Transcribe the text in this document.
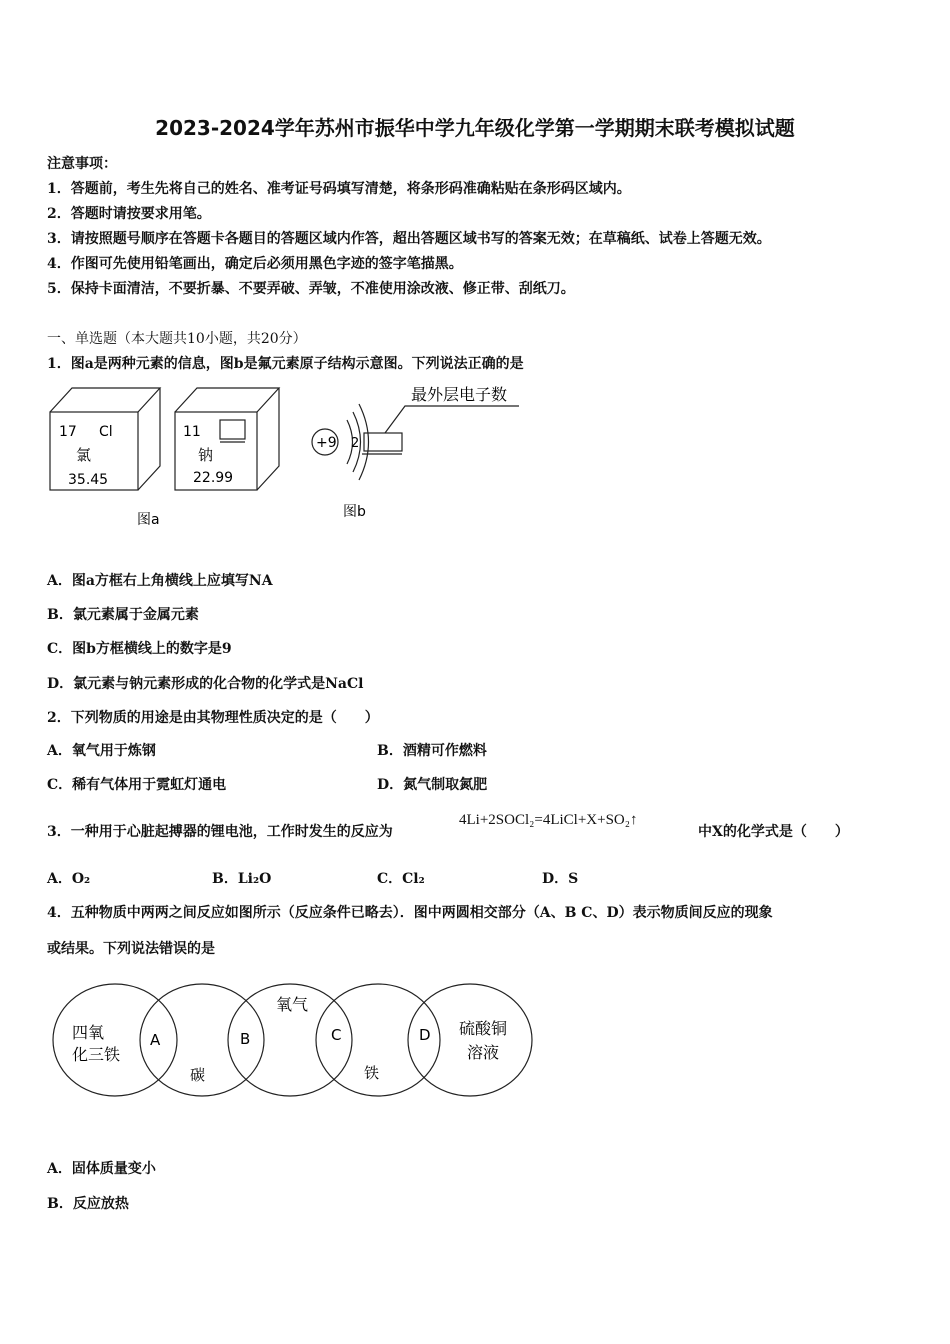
2023-2024学年苏州市振华中学九年级化学第一学期期末联考模拟试题
注意事项：
1．答题前，考生先将自己的姓名、准考证号码填写清楚，将条形码准确粘贴在条形码区域内。
2．答题时请按要求用笔。
3．请按照题号顺序在答题卡各题目的答题区域内作答，超出答题区域书写的答案无效；在草稿纸、试卷上答题无效。
4．作图可先使用铅笔画出，确定后必须用黑色字迹的签字笔描黑。
5．保持卡面清洁，不要折暴、不要弄破、弄皱，不准使用涂改液、修正带、刮纸刀。
一、单选题（本大题共10小题，共20分）
1．图a是两种元素的信息，图b是氟元素原子结构示意图。下列说法正确的是
17 Cl
氯
35.45
11
钠
22.99
图a
+9 2
最外层电子数
图b
A．图a方框右上角横线上应填写NA
B．氯元素属于金属元素
C．图b方框横线上的数字是9
D．氯元素与钠元素形成的化合物的化学式是NaCl
2．下列物质的用途是由其物理性质决定的是（　　）
A．氧气用于炼钢	B．酒精可作燃料
C．稀有气体用于霓虹灯通电	D．氮气制取氮肥
3．一种用于心脏起搏器的锂电池，工作时发生的反应为
4Li+2SOCl₂=4LiCl+X+SO₂↑
中X的化学式是（　　）
A．O₂	B．Li₂O	C．Cl₂	D．S
4．五种物质中两两之间反应如图所示（反应条件已略去）．图中两圆相交部分（A、B C、D）表示物质间反应的现象
或结果。下列说法错误的是
四氧
化三铁
碳
氧气
铁
硫酸铜
溶液
A	B	C	D
A．固体质量变小
B．反应放热
